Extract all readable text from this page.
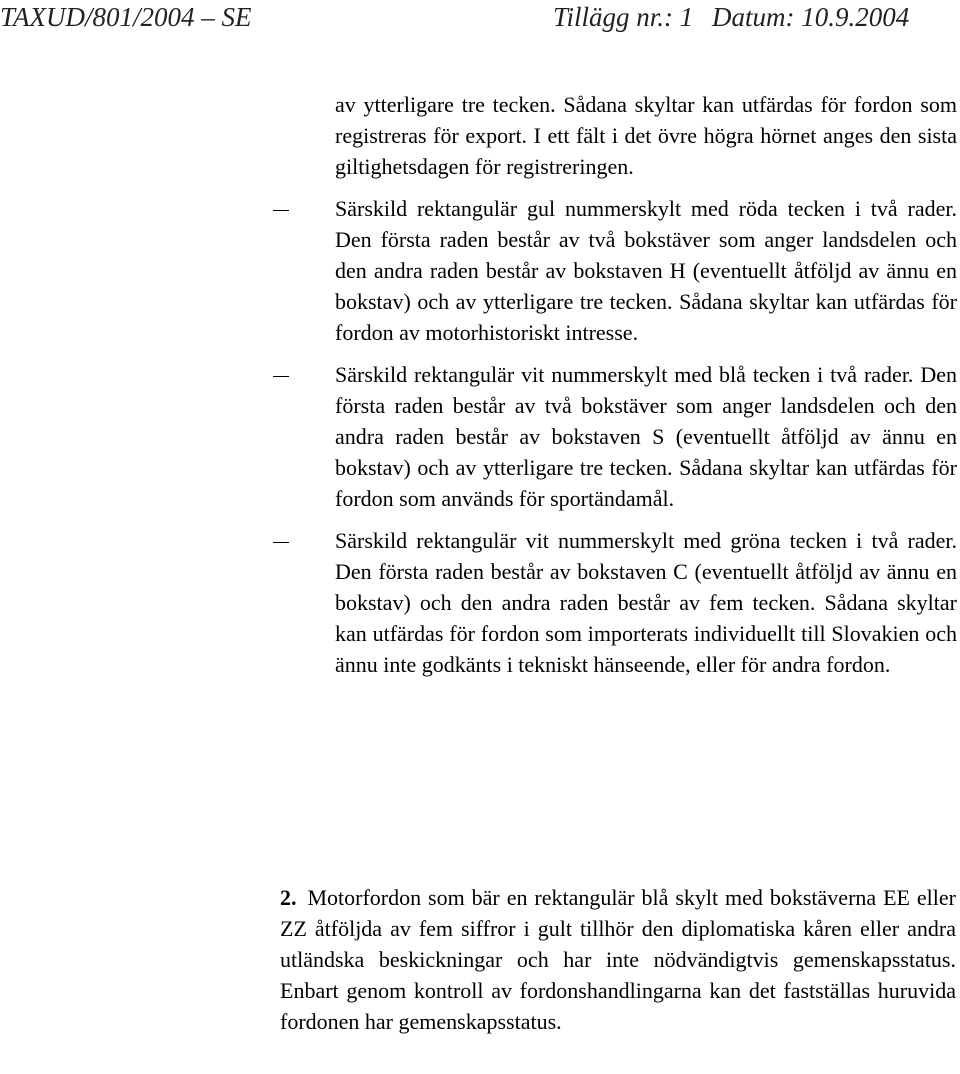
TAXUD/801/2004 – SE	Tillägg nr.: 1 Datum: 10.9.2004

av ytterligare tre tecken. Sådana skyltar kan utfärdas för fordon som registreras för export. I ett fält i det övre högra hörnet anges den sista giltighetsdagen för registreringen.

Särskild rektangulär gul nummerskylt med röda tecken i två rader. Den första raden består av två bokstäver som anger landsdelen och den andra raden består av bokstaven H (eventuellt åtföljd av ännu en bokstav) och av ytterligare tre tecken. Sådana skyltar kan utfärdas för fordon av motorhistoriskt intresse.

Särskild rektangulär vit nummerskylt med blå tecken i två rader. Den första raden består av två bokstäver som anger landsdelen och den andra raden består av bokstaven S (eventuellt åtföljd av ännu en bokstav) och av ytterligare tre tecken. Sådana skyltar kan utfärdas för fordon som används för sportändamål.

Särskild rektangulär vit nummerskylt med gröna tecken i två rader. Den första raden består av bokstaven C (eventuellt åtföljd av ännu en bokstav) och den andra raden består av fem tecken. Sådana skyltar kan utfärdas för fordon som importerats individuellt till Slovakien och ännu inte godkänts i tekniskt hänseende, eller för andra fordon.

2. Motorfordon som bär en rektangulär blå skylt med bokstäverna EE eller ZZ åtföljda av fem siffror i gult tillhör den diplomatiska kåren eller andra utländska beskickningar och har inte nödvändigtvis gemenskapsstatus. Enbart genom kontroll av fordonshandlingarna kan det fastställas huruvida fordonen har gemenskapsstatus.
